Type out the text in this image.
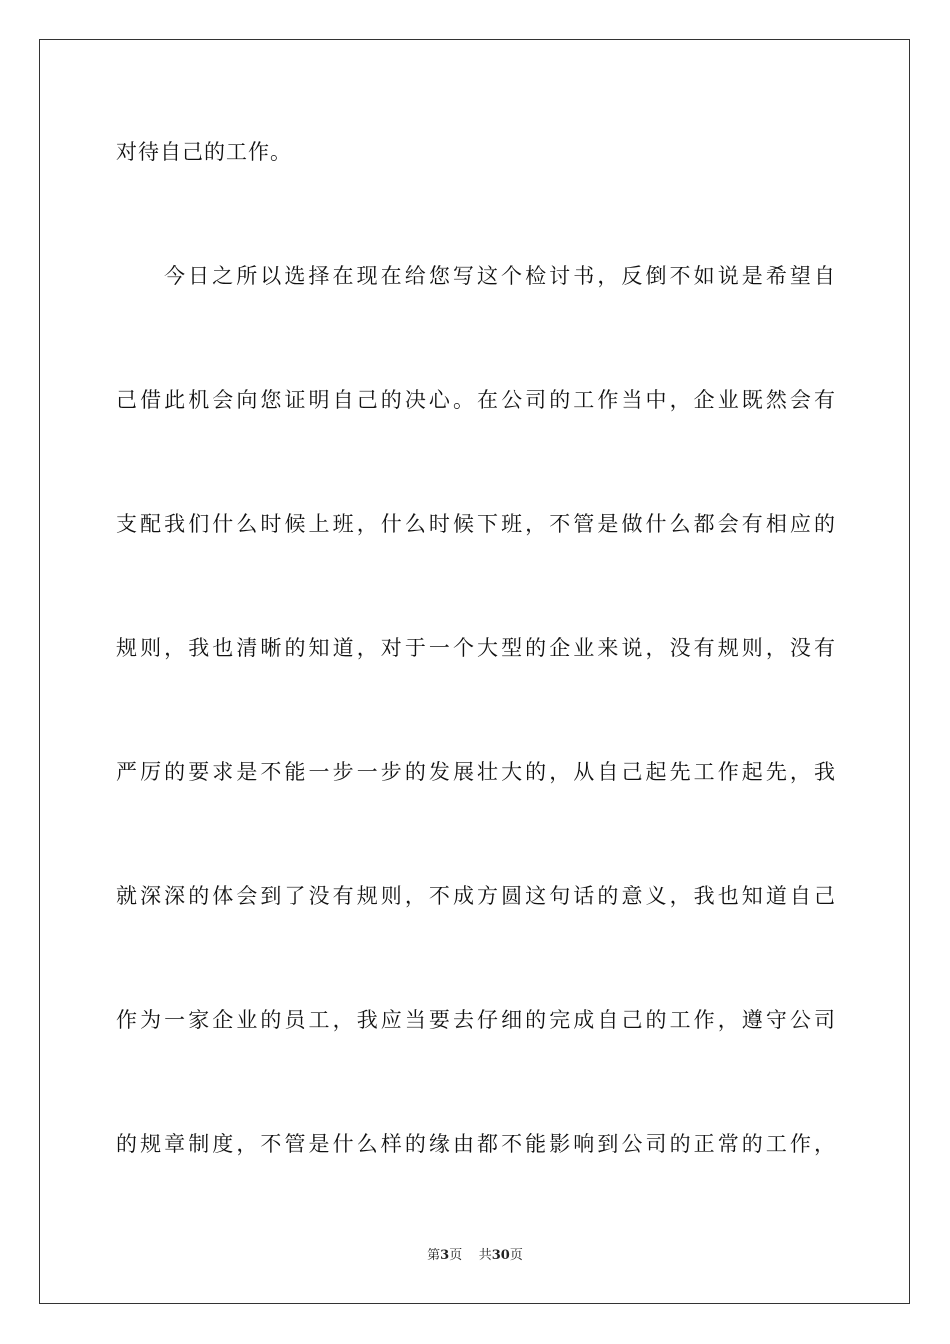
对待自己的工作。
今日之所以选择在现在给您写这个检讨书，反倒不如说是希望自
己借此机会向您证明自己的决心。在公司的工作当中，企业既然会有
支配我们什么时候上班，什么时候下班，不管是做什么都会有相应的
规则，我也清晰的知道，对于一个大型的企业来说，没有规则，没有
严厉的要求是不能一步一步的发展壮大的，从自己起先工作起先，我
就深深的体会到了没有规则，不成方圆这句话的意义，我也知道自己
作为一家企业的员工，我应当要去仔细的完成自己的工作，遵守公司
的规章制度，不管是什么样的缘由都不能影响到公司的正常的工作，
第3页 共30页
